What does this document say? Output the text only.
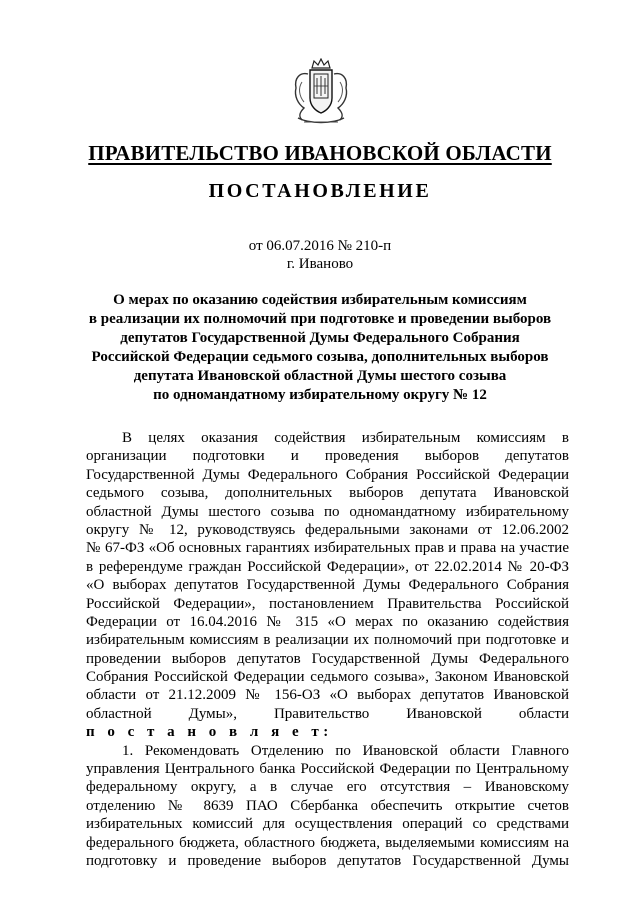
ПРАВИТЕЛЬСТВО ИВАНОВСКОЙ ОБЛАСТИ
ПОСТАНОВЛЕНИЕ
от 06.07.2016 № 210-п
г. Иваново
О мерах по оказанию содействия избирательным комиссиям
в реализации их полномочий при подготовке и проведении выборов
депутатов Государственной Думы Федерального Собрания
Российской Федерации седьмого созыва, дополнительных выборов
депутата Ивановской областной Думы шестого созыва
по одномандатному избирательному округу № 12
В целях оказания содействия избирательным комиссиям в
организации подготовки и проведения выборов депутатов
Государственной Думы Федерального Собрания Российской Федерации
седьмого созыва, дополнительных выборов депутата Ивановской
областной Думы шестого созыва по одномандатному избирательному
округу № 12, руководствуясь федеральными законами от 12.06.2002
№ 67-ФЗ «Об основных гарантиях избирательных прав и права на участие
в референдуме граждан Российской Федерации», от 22.02.2014 № 20-ФЗ
«О выборах депутатов Государственной Думы Федерального Собрания
Российской Федерации», постановлением Правительства Российской
Федерации от 16.04.2016 № 315 «О мерах по оказанию содействия
избирательным комиссиям в реализации их полномочий при подготовке и
проведении выборов депутатов Государственной Думы Федерального
Собрания Российской Федерации седьмого созыва», Законом Ивановской
области от 21.12.2009 № 156-ОЗ «О выборах депутатов Ивановской
областной Думы», Правительство Ивановской области
п о с т а н о в л я е т:
1. Рекомендовать Отделению по Ивановской области Главного
управления Центрального банка Российской Федерации по Центральному
федеральному округу, а в случае его отсутствия – Ивановскому
отделению № 8639 ПАО Сбербанка обеспечить открытие счетов
избирательных комиссий для осуществления операций со средствами
федерального бюджета, областного бюджета, выделяемыми комиссиям на
подготовку и проведение выборов депутатов Государственной Думы
